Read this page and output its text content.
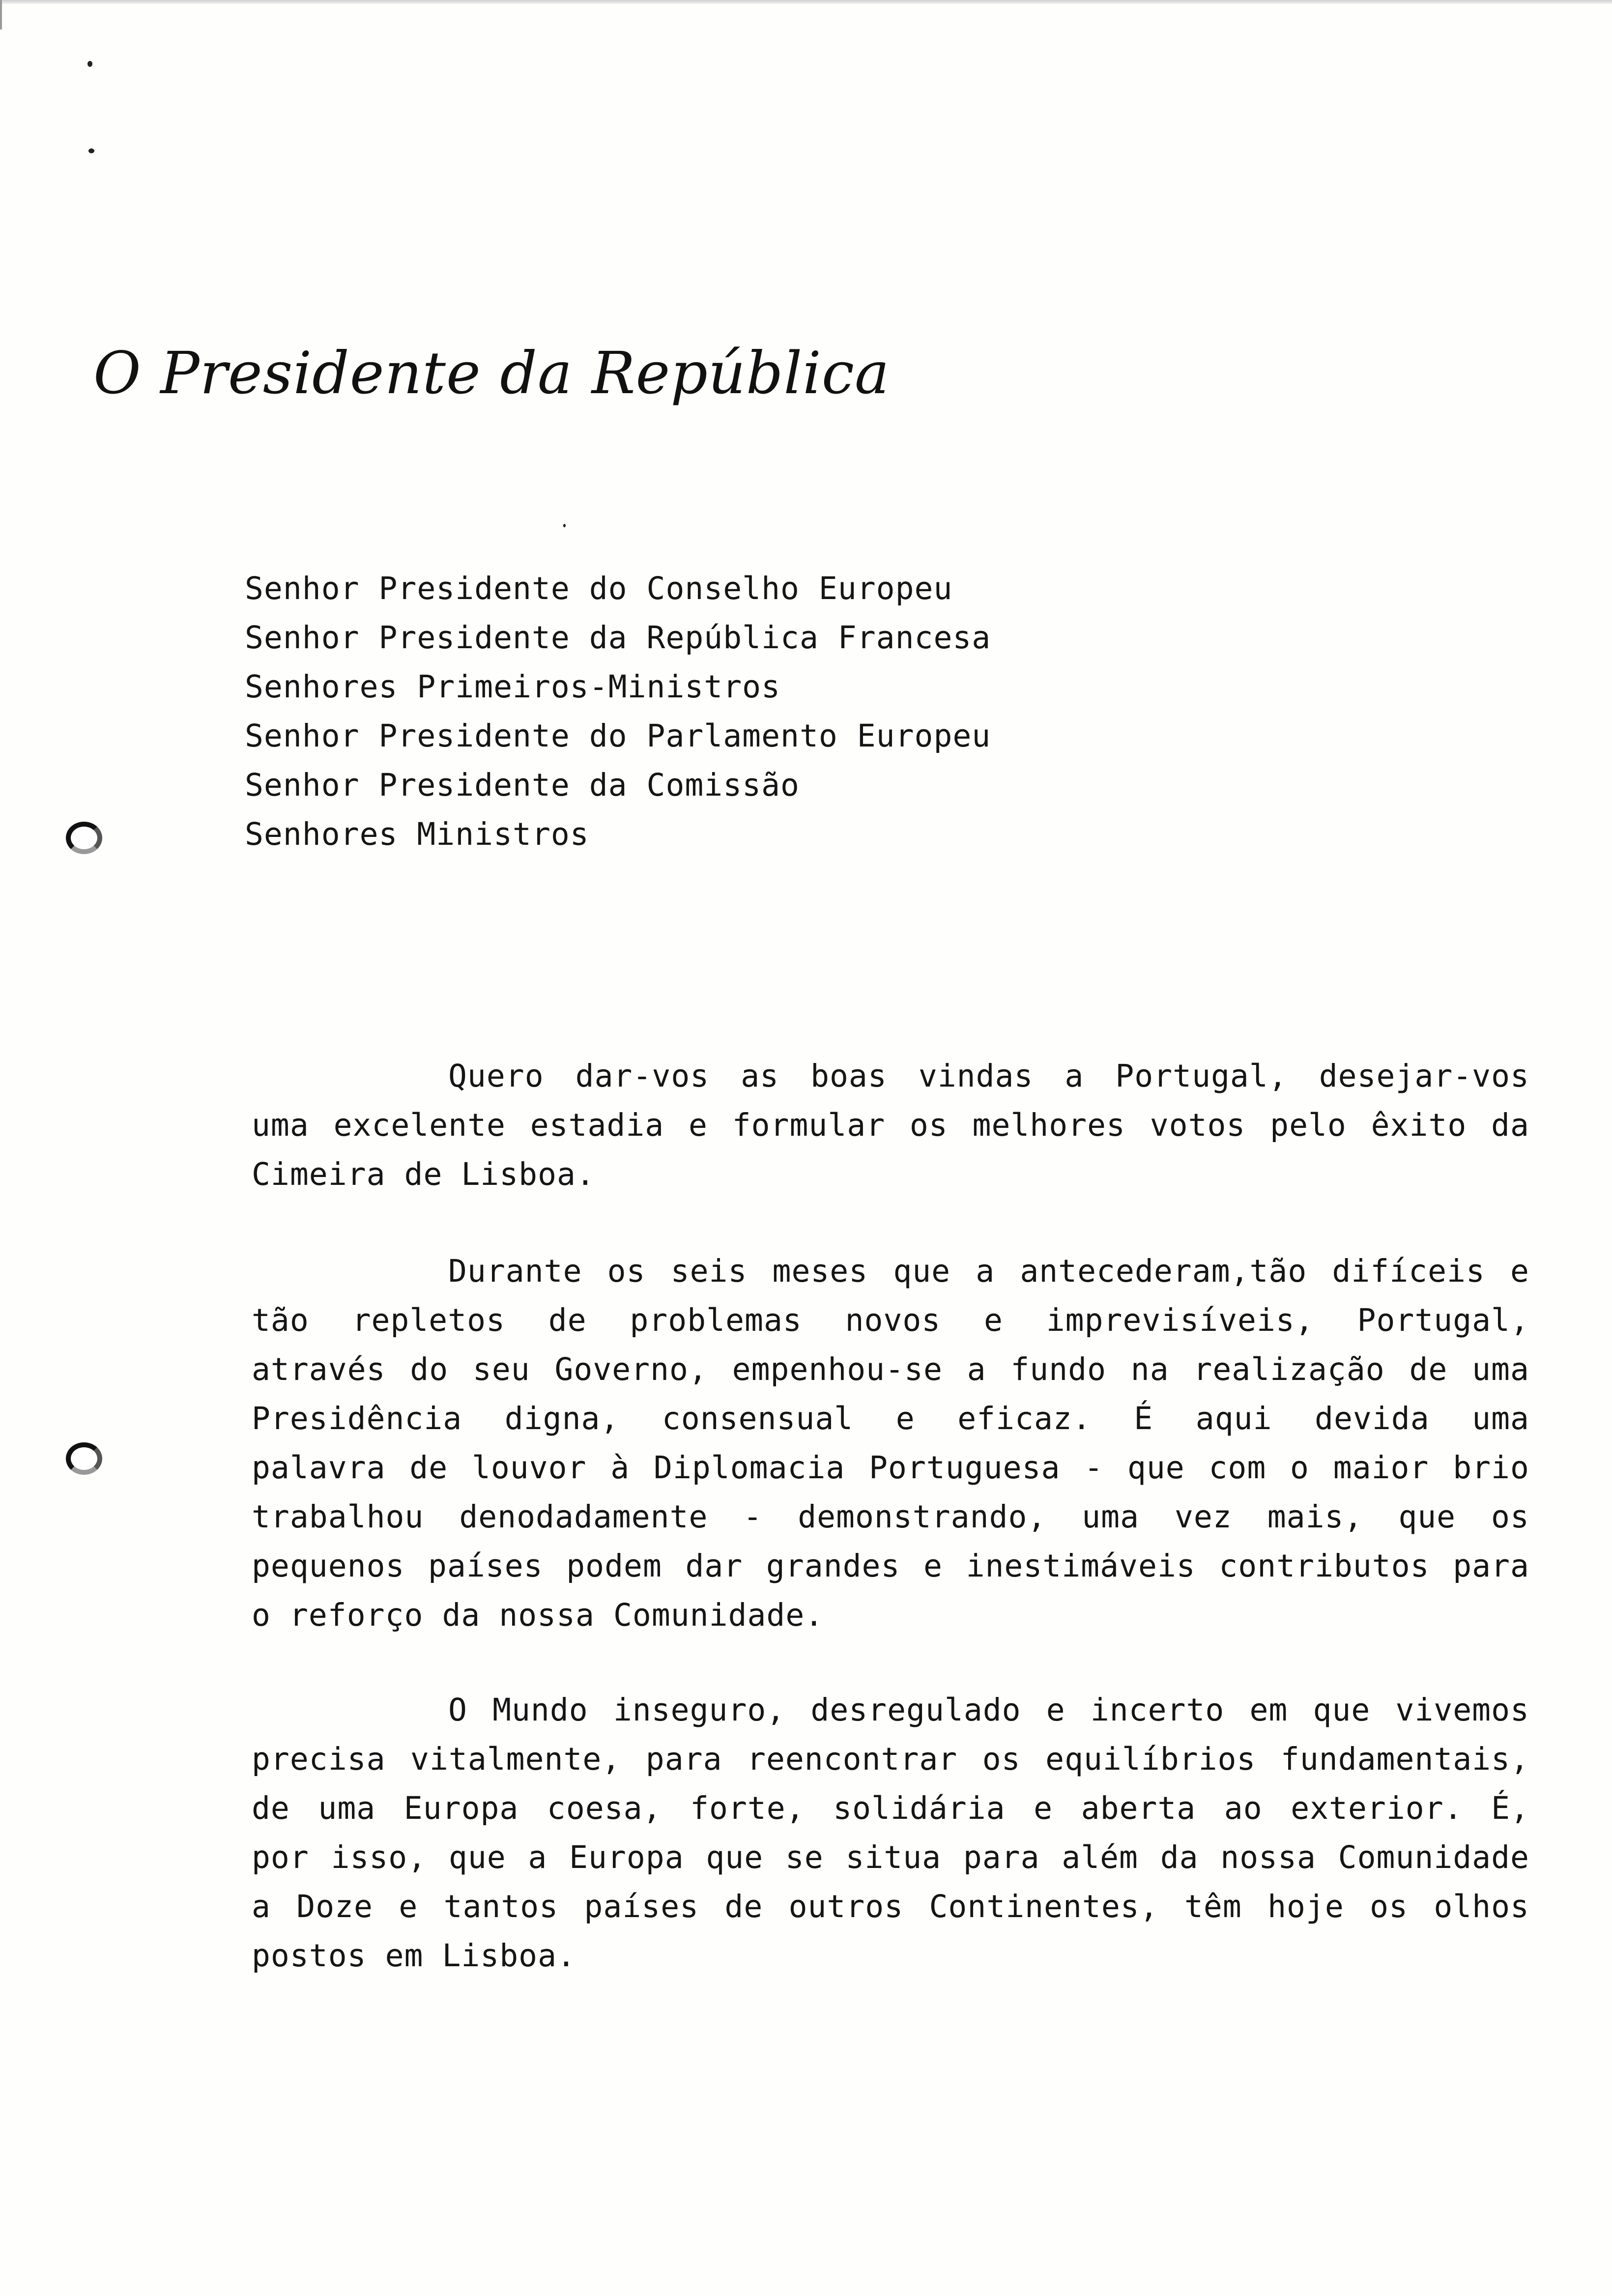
O Presidente da República
Senhor Presidente do Conselho Europeu
Senhor Presidente da República Francesa
Senhores Primeiros-Ministros
Senhor Presidente do Parlamento Europeu
Senhor Presidente da Comissão
Senhores Ministros
Quero dar-vos as boas vindas a Portugal, desejar-vos
uma excelente estadia e formular os melhores votos pelo êxito da
Cimeira de Lisboa.
Durante os seis meses que a antecederam,tão difíceis e
tão repletos de problemas novos e imprevisíveis, Portugal,
através do seu Governo, empenhou-se a fundo na realização de uma
Presidência digna, consensual e eficaz. É aqui devida uma
palavra de louvor à Diplomacia Portuguesa - que com o maior brio
trabalhou denodadamente - demonstrando, uma vez mais, que os
pequenos países podem dar grandes e inestimáveis contributos para
o reforço da nossa Comunidade.
O Mundo inseguro, desregulado e incerto em que vivemos
precisa vitalmente, para reencontrar os equilíbrios fundamentais,
de uma Europa coesa, forte, solidária e aberta ao exterior. É,
por isso, que a Europa que se situa para além da nossa Comunidade
a Doze e tantos países de outros Continentes, têm hoje os olhos
postos em Lisboa.
